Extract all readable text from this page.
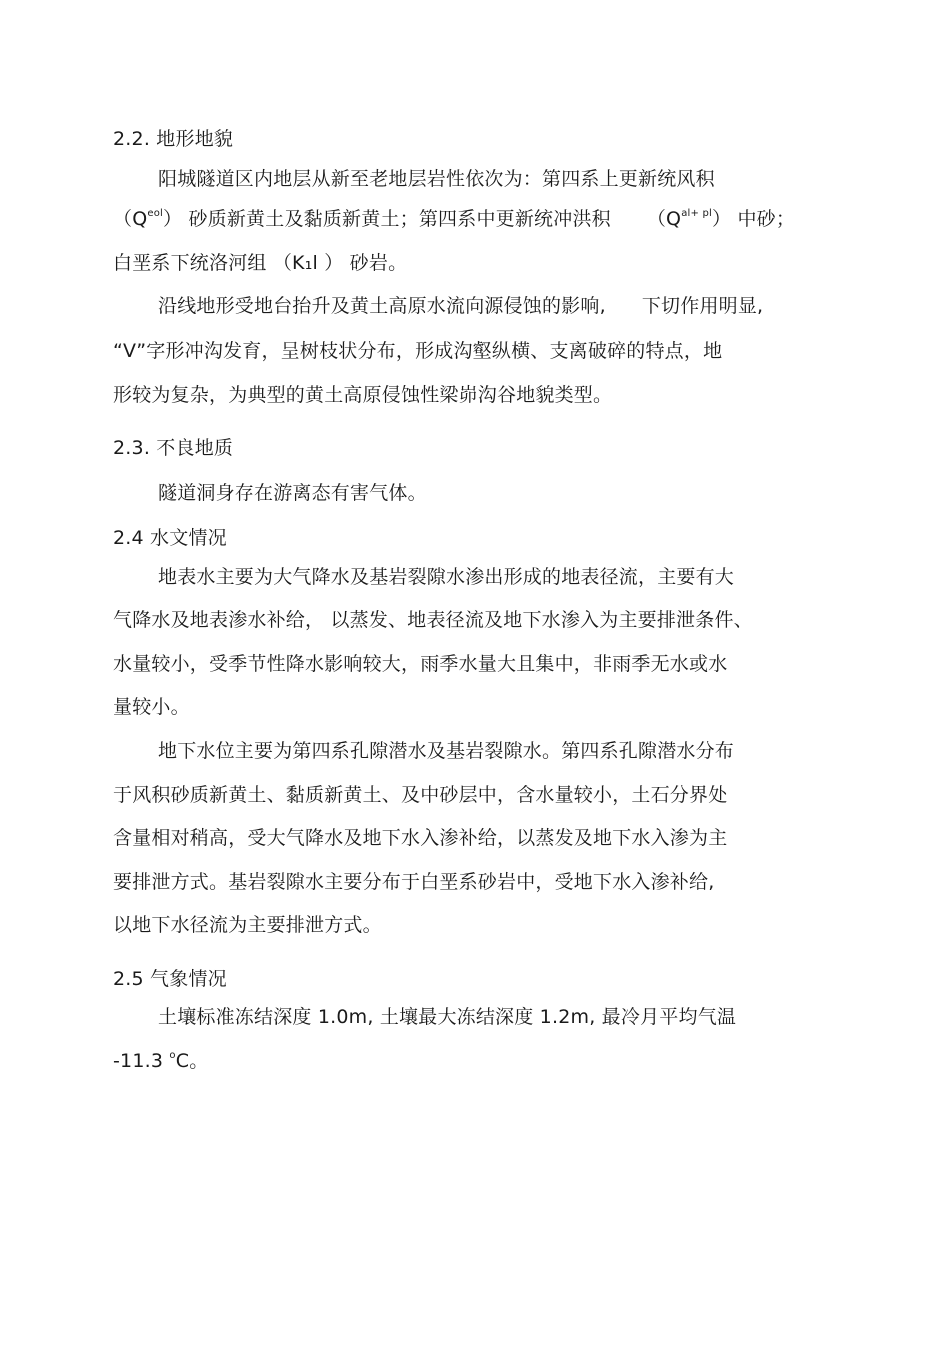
2.2. 地形地貌
阳城隧道区内地层从新至老地层岩性依次为：第四系上更新统风积
$(Q^{eol})$ 砂质新黄土及黏质新黄土；第四系中更新统冲洪积 $(Q^{al+ pl})$ 中砂；
白垩系下统洛河组 （K₁l ） 砂岩。
沿线地形受地台抬升及黄土高原水流向源侵蚀的影响, 下切作用明显,
“V”字形冲沟发育，呈树枝状分布，形成沟壑纵横、支离破碎的特点，地
形较为复杂，为典型的黄土高原侵蚀性梁峁沟谷地貌类型。
2.3. 不良地质
隧道洞身存在游离态有害气体。
2.4 水文情况
地表水主要为大气降水及基岩裂隙水渗出形成的地表径流，主要有大
气降水及地表渗水补给， 以蒸发、地表径流及地下水渗入为主要排泄条件、
水量较小，受季节性降水影响较大，雨季水量大且集中，非雨季无水或水
量较小。
地下水位主要为第四系孔隙潜水及基岩裂隙水。第四系孔隙潜水分布
于风积砂质新黄土、黏质新黄土、及中砂层中，含水量较小，土石分界处
含量相对稍高，受大气降水及地下水入渗补给，以蒸发及地下水入渗为主
要排泄方式。基岩裂隙水主要分布于白垩系砂岩中，受地下水入渗补给,
以地下水径流为主要排泄方式。
2.5 气象情况
土壤标准冻结深度 1.0m, 土壤最大冻结深度 1.2m, 最冷月平均气温
-11.3 $^o$C。
